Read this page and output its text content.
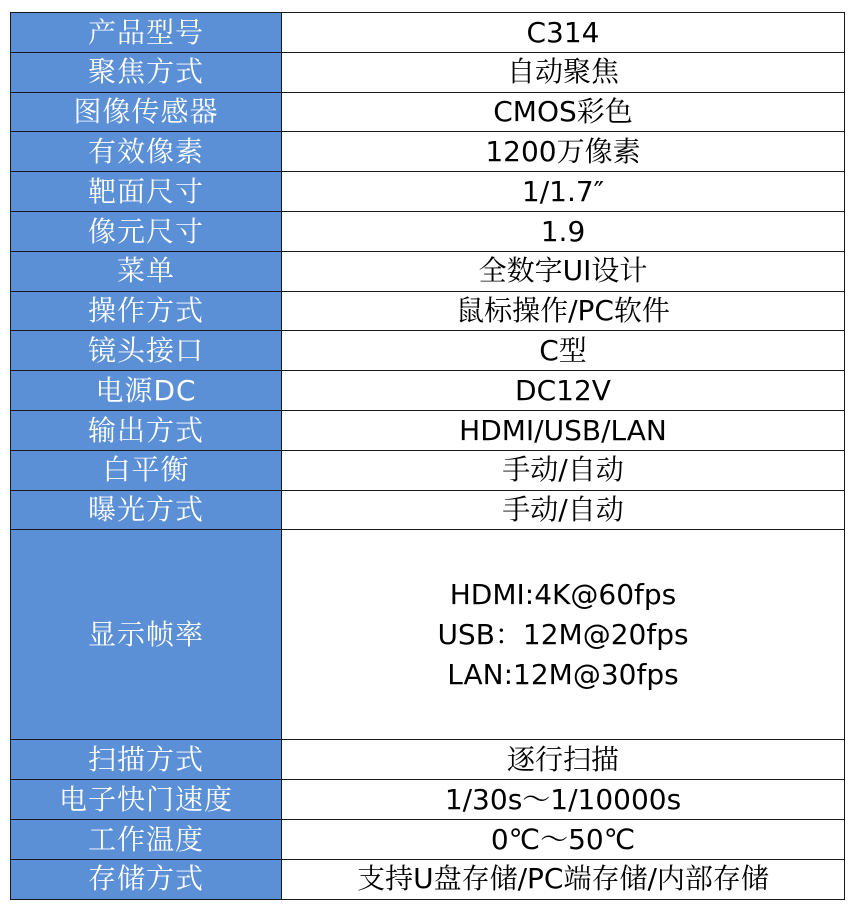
产品型号	C314
聚焦方式	自动聚焦
图像传感器	CMOS彩色
有效像素	1200万像素
靶面尺寸	1/1.7″
像元尺寸	1.9
菜单	全数字UI设计
操作方式	鼠标操作/PC软件
镜头接口	C型
电源DC	DC12V
输出方式	HDMI/USB/LAN
白平衡	手动/自动
曝光方式	手动/自动
显示帧率	HDMI:4K@60fps
USB：12M@20fps
LAN:12M@30fps

扫描方式	逐行扫描
电子快门速度	1/30s～1/10000s
工作温度	0℃～50℃
存储方式	支持U盘存储/PC端存储/内部存储
